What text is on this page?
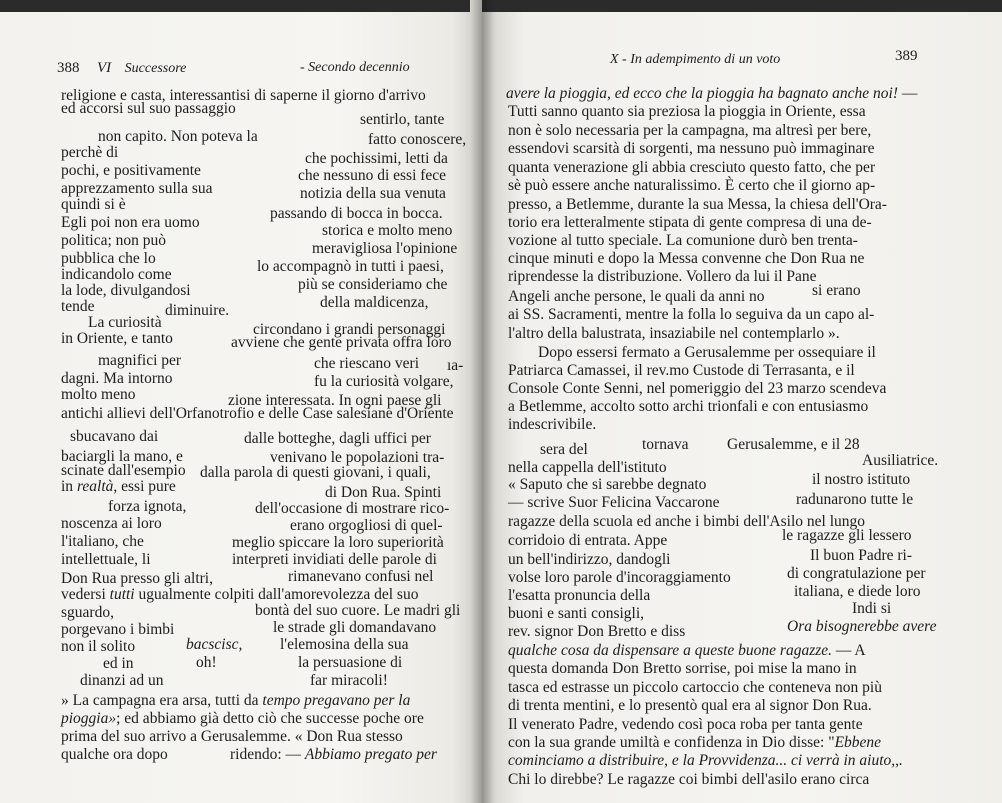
388 VI Successore	- Secondo decennio
religione e casta, interessantisi di saperne il giorno d'arrivo
ed accorsi sul suo passaggio
sentirlo, tante
non capito. Non poteva la	fatto conoscere,
perchè di	che pochissimi, letti da
pochi, e positivamente	che nessuno di essi fece
apprezzamento sulla sua	notizia della sua venuta
quindi si è
passando di bocca in bocca.
Egli poi non era uomo	storica e molto meno
politica; non può	meravigliosa l'opinione
pubblica che lo	lo accompagnò in tutti i paesi,
indicandolo come
più se consideriamo che
la lode, divulgandosi
della maldicenza,
tende	diminuire.
La curiosità	circondano i grandi personaggi
in Oriente, e tanto	avviene che gente privata offra loro
magnifici per	che riescano veri ıa-
dagni. Ma intorno	fu la curiosità volgare,
molto meno	zione interessata. In ogni paese gli
antichi allievi dell'Orfanotrofio e delle Case salesiane d'Oriente
sbucavano dai	dalle botteghe, dagli uffici per
baciargli la mano, e	venivano le popolazioni tra-
scinate dall'esempio dalla parola di questi giovani, i quali,
in realtà, essi pure	di Don Rua. Spinti
forza ignota,	dell'occasione di mostrare rico-
noscenza ai loro	erano orgogliosi di quel-
l'italiano, che	meglio spiccare la loro superiorità
intellettuale, li	interpreti invidiati delle parole di
Don Rua presso gli altri,	rimanevano confusi nel
vedersi tutti ugualmente colpiti dall'amorevolezza del suo
sguardo,	bontà del suo cuore. Le madri gli
porgevano i bimbi	le strade gli domandavano
non il solito	bacscisc, l'elemosina della sua
ed in	oh!	la persuasione di
dinanzi ad un	far miracoli!
» La campagna era arsa, tutti da tempo pregavano per la
pioggia»; ed abbiamo già detto ciò che successe poche ore
prima del suo arrivo a Gerusalemme. « Don Rua stesso
qualche ora dopo	ridendo: — Abbiamo pregato per
X - In adempimento di un voto	389
avere la pioggia, ed ecco che la pioggia ha bagnato anche noi! —
Tutti sanno quanto sia preziosa la pioggia in Oriente, essa
non è solo necessaria per la campagna, ma altresì per bere,
essendovi scarsità di sorgenti, ma nessuno può immaginare
quanta venerazione gli abbia cresciuto questo fatto, che per
sè può essere anche naturalissimo. È certo che il giorno ap-
presso, a Betlemme, durante la sua Messa, la chiesa dell'Ora-
torio era letteralmente stipata di gente compresa di una de-
vozione al tutto speciale. La comunione durò ben trenta-
cinque minuti e dopo la Messa convenne che Don Rua ne
riprendesse la distribuzione. Vollero da lui il Pane
Angeli anche persone, le quali da anni no	si erano
ai SS. Sacramenti, mentre la folla lo seguiva da un capo al-
l'altro della balustrata, insaziabile nel contemplarlo ».
Dopo essersi fermato a Gerusalemme per ossequiare il
Patriarca Camassei, il rev.mo Custode di Terrasanta, e il
Console Conte Senni, nel pomeriggio del 23 marzo scendeva
a Betlemme, accolto sotto archi trionfali e con entusiasmo
indescrivibile.
sera del	tornava Gerusalemme, e il 28
nella cappella dell'istituto	Ausiliatrice.
« Saputo che si sarebbe degnato	il nostro istituto
— scrive Suor Felicina Vaccarone	radunarono tutte le
ragazze della scuola ed anche i bimbi dell'Asilo nel lungo
corridoio di entrata. Appe	le ragazze gli lessero
un bell'indirizzo, dandogli	Il buon Padre ri-
volse loro parole d'incoraggiamento	di congratulazione per
l'esatta pronuncia della	italiana, e diede loro
buoni e santi consigli,	Indi si
rev. signor Don Bretto e diss	Ora bisognerebbe avere
qualche cosa da dispensare a queste buone ragazze. — A
questa domanda Don Bretto sorrise, poi mise la mano in
tasca ed estrasse un piccolo cartoccio che conteneva non più
di trenta mentini, e lo presentò qual era al signor Don Rua.
Il venerato Padre, vedendo così poca roba per tanta gente
con la sua grande umiltà e confidenza in Dio disse: "Ebbene
cominciamo a distribuire, e la Provvidenza... ci verrà in aiuto,,.
Chi lo direbbe? Le ragazze coi bimbi dell'asilo erano circa
